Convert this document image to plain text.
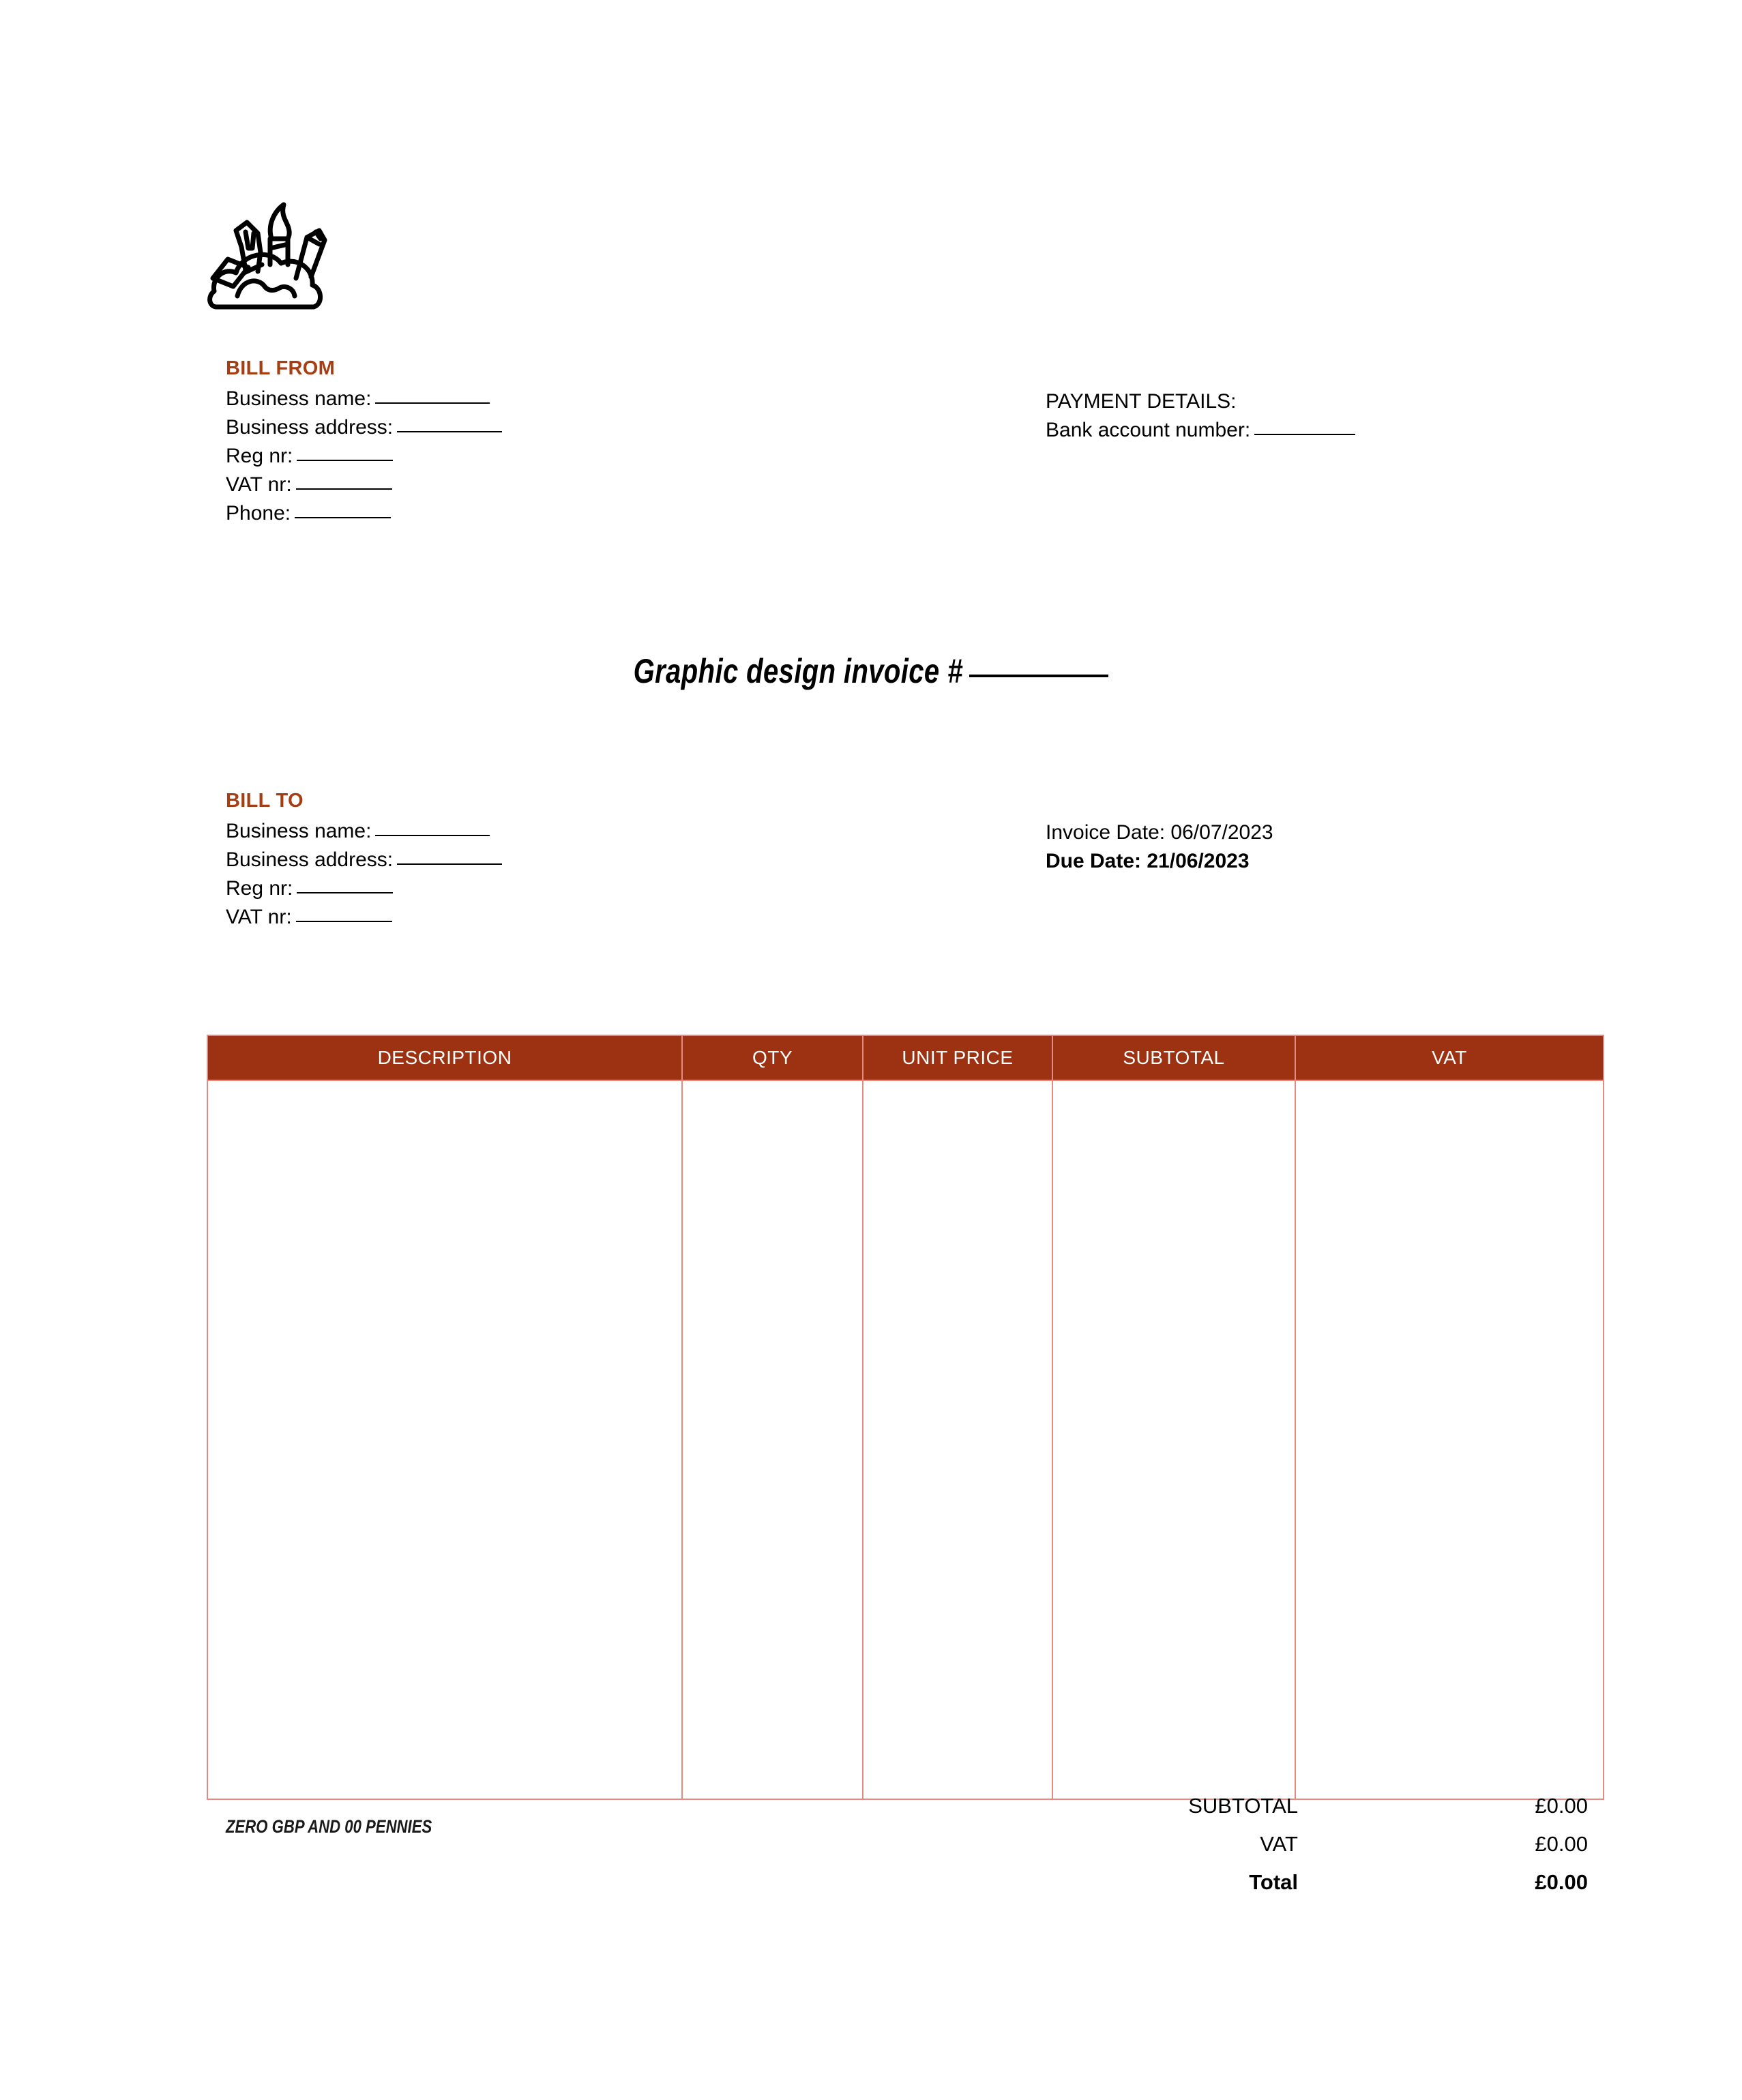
BILL FROM
Business name:
Business address:
Reg nr:
VAT nr:
Phone:
PAYMENT DETAILS:
Bank account number:
Graphic design invoice #
BILL TO
Business name:
Business address:
Reg nr:
VAT nr:
Invoice Date: 06/07/2023
Due Date: 21/06/2023
DESCRIPTION	QTY	UNIT PRICE	SUBTOTAL	VAT

ZERO GBP AND 00 PENNIES
SUBTOTAL	£0.00
VAT	£0.00
Total	£0.00
